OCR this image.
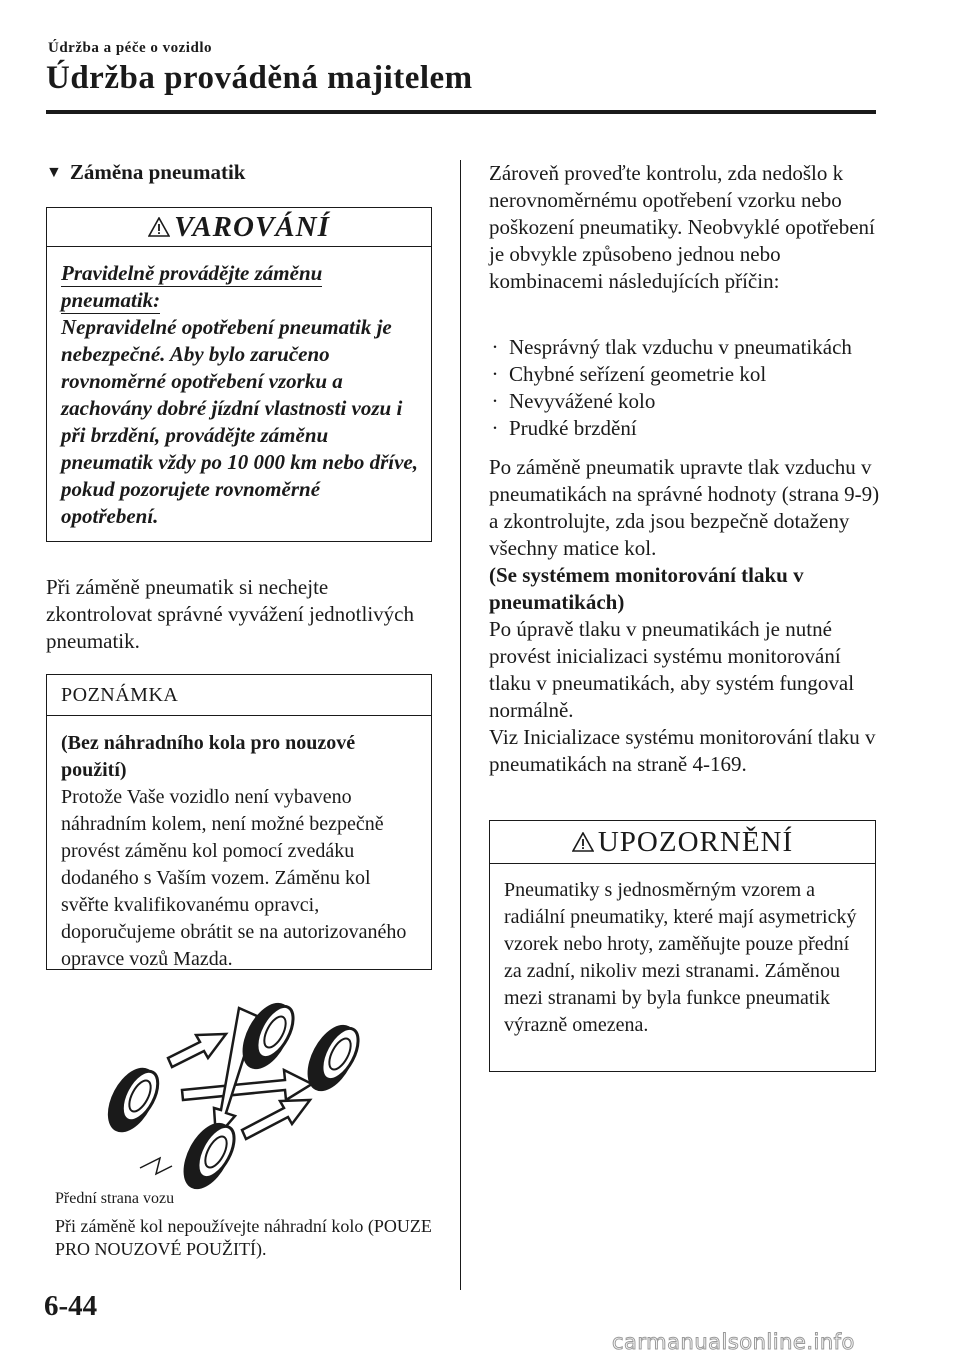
Údržba a péče o vozidlo
Údržba prováděná majitelem
▼ Záměna pneumatik
VAROVÁNÍ
Pravidelně provádějte záměnu
pneumatik:
Nepravidelné opotřebení pneumatik je nebezpečné. Aby bylo zaručeno rovnoměrné opotřebení vzorku a zachovány dobré jízdní vlastnosti vozu i při brzdění, provádějte záměnu pneumatik vždy po 10 000 km nebo dříve, pokud pozorujete rovnoměrné opotřebení.
Při záměně pneumatik si nechejte zkontrolovat správné vyvážení jednotlivých pneumatik.
POZNÁMKA
(Bez náhradního kola pro nouzové použití)
Protože Vaše vozidlo není vybaveno náhradním kolem, není možné bezpečně provést záměnu kol pomocí zvedáku dodaného s Vaším vozem. Záměnu kol svěřte kvalifikovanému opravci, doporučujeme obrátit se na autorizovaného opravce vozů Mazda.
Přední strana vozu
Při záměně kol nepoužívejte náhradní kolo (POUZE PRO NOUZOVÉ POUŽITÍ).
Zároveň proveďte kontrolu, zda nedošlo k nerovnoměrnému opotřebení vzorku nebo poškození pneumatiky. Neobvyklé opotřebení je obvykle způsobeno jednou nebo kombinacemi následujících příčin:
· Nesprávný tlak vzduchu v pneumatikách
· Chybné seřízení geometrie kol
· Nevyvážené kolo
· Prudké brzdění
Po záměně pneumatik upravte tlak vzduchu v pneumatikách na správné hodnoty (strana 9-9) a zkontrolujte, zda jsou bezpečně dotaženy všechny matice kol.
(Se systémem monitorování tlaku v pneumatikách)
Po úpravě tlaku v pneumatikách je nutné provést inicializaci systému monitorování tlaku v pneumatikách, aby systém fungoval normálně.
Viz Inicializace systému monitorování tlaku v pneumatikách na straně 4-169.
UPOZORNĚNÍ
Pneumatiky s jednosměrným vzorem a radiální pneumatiky, které mají asymetrický vzorek nebo hroty, zaměňujte pouze přední za zadní, nikoliv mezi stranami. Záměnou mezi stranami by byla funkce pneumatik výrazně omezena.
6-44
carmanualsonline.info
